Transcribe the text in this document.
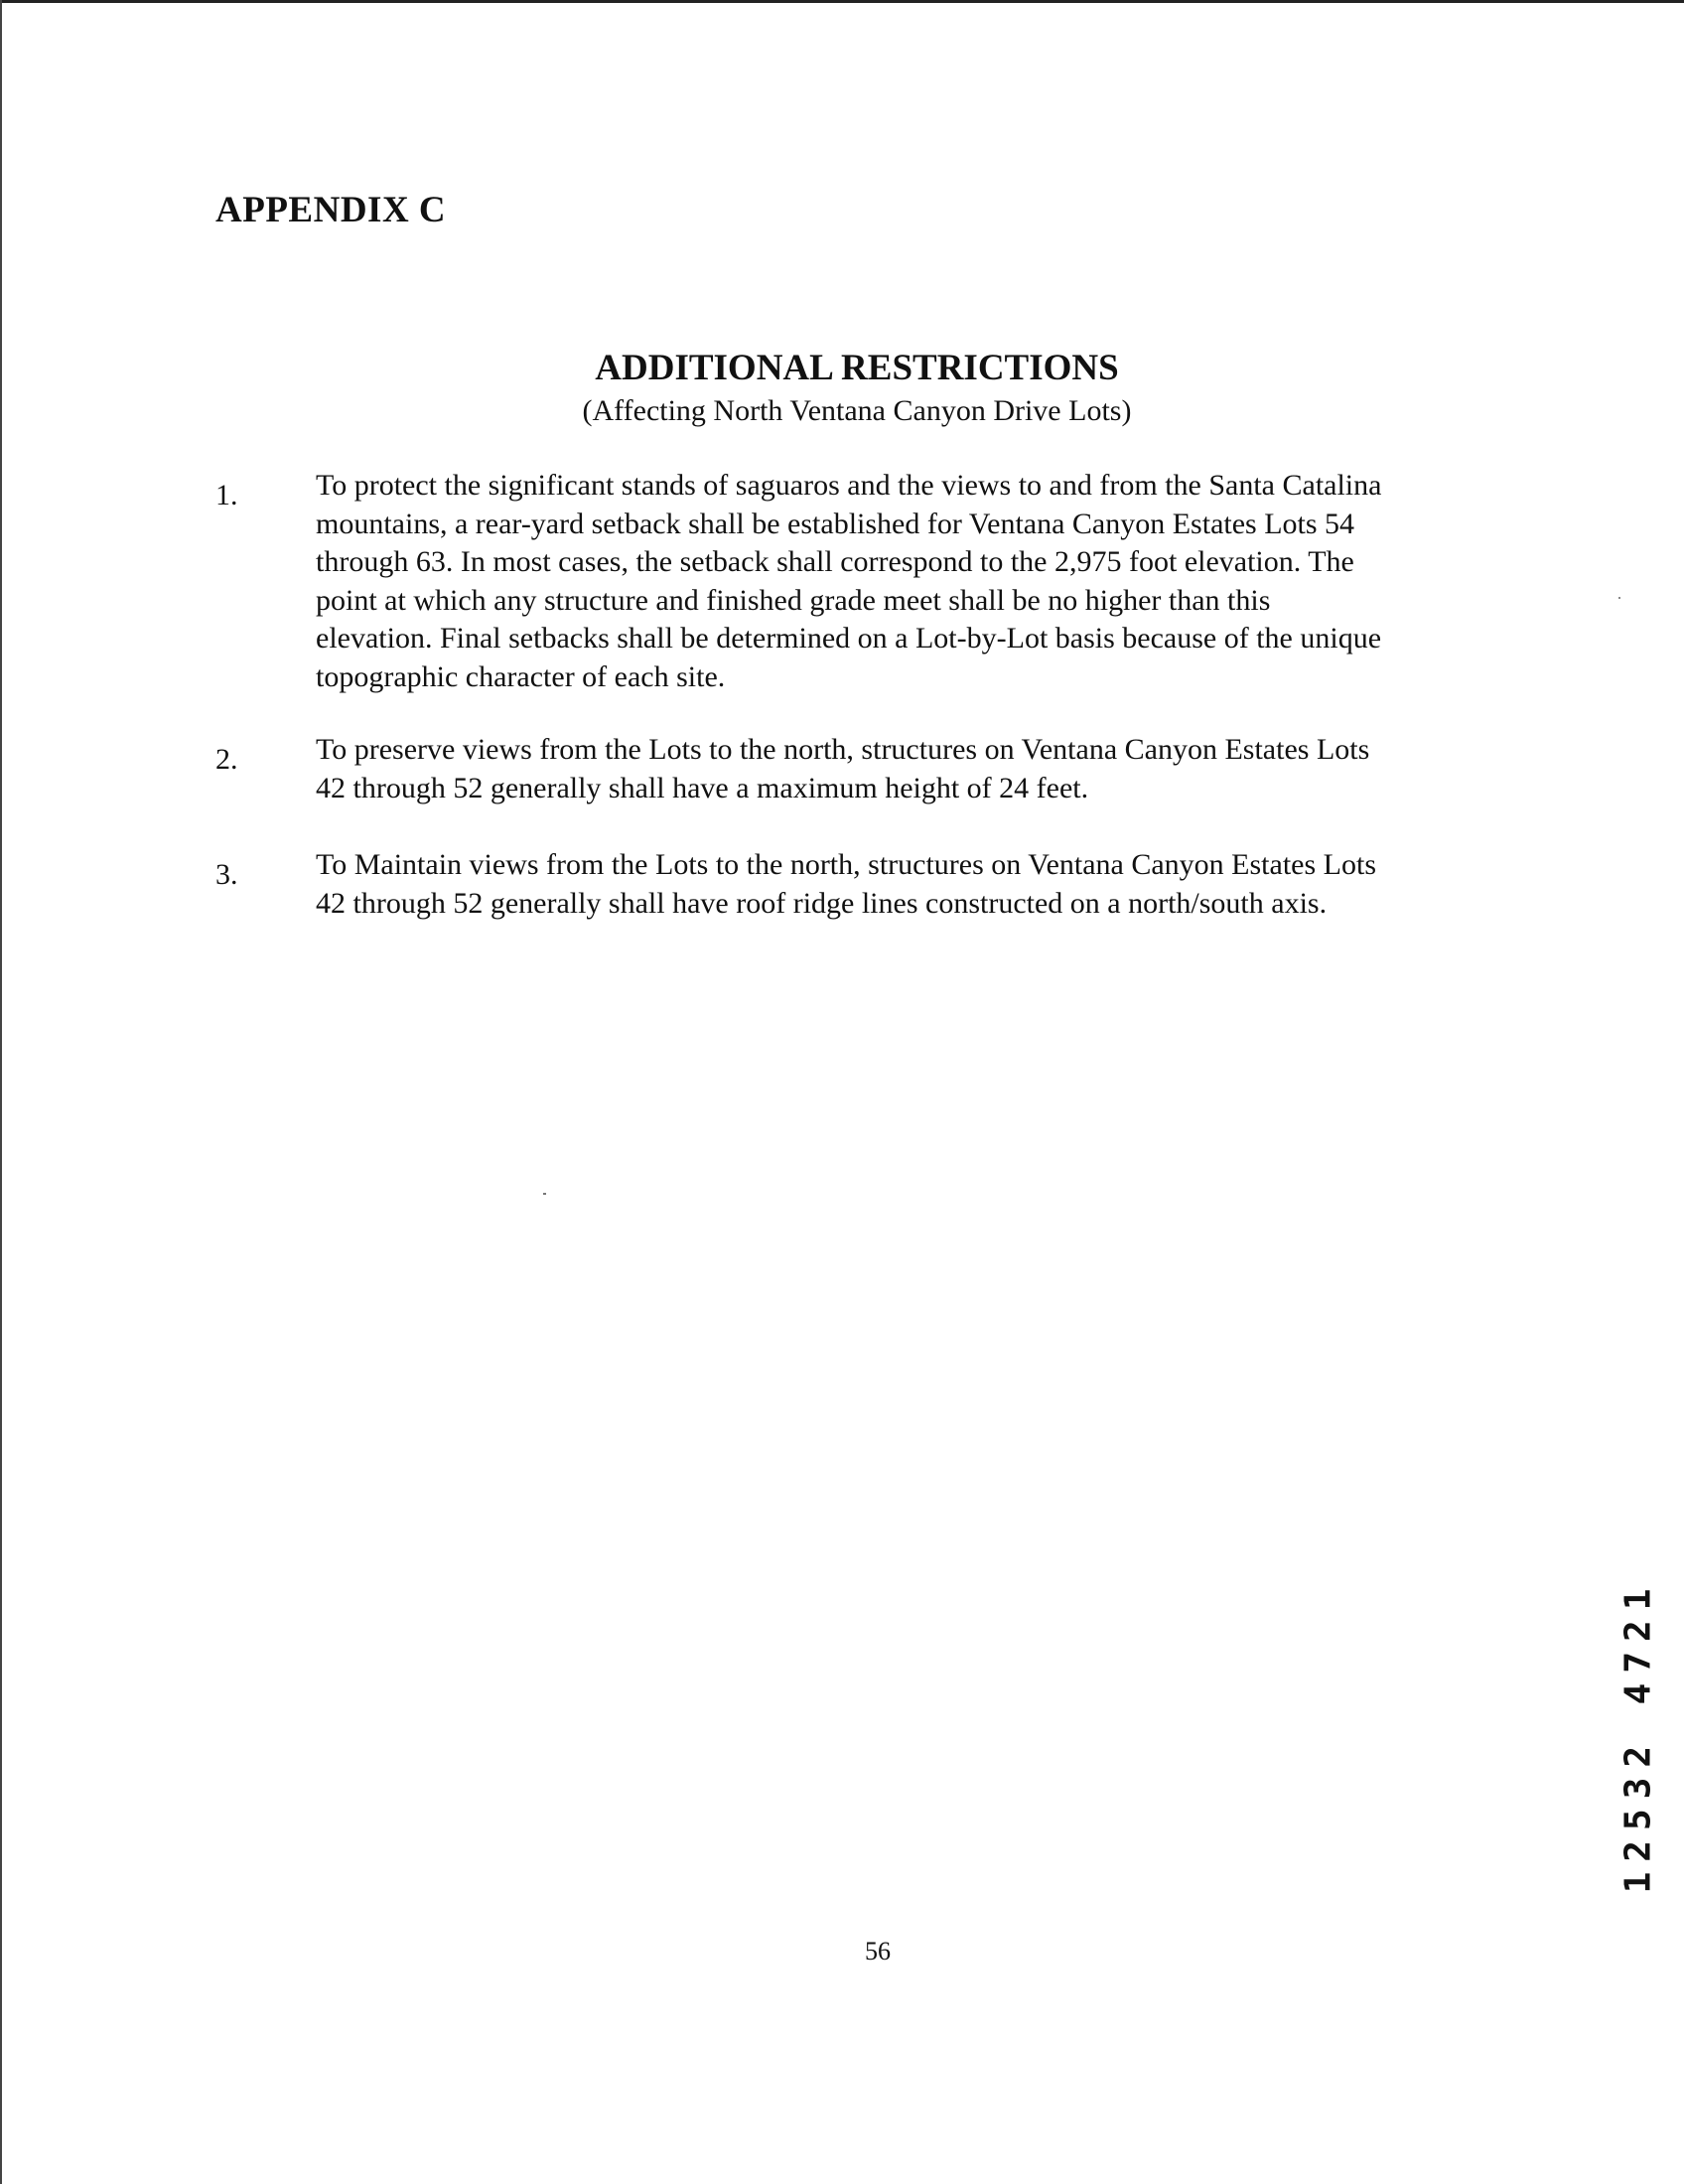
APPENDIX C
ADDITIONAL RESTRICTIONS
(Affecting North Ventana Canyon Drive Lots)
1.	To protect the significant stands of saguaros and the views to and from the Santa Catalina
mountains, a rear-yard setback shall be established for Ventana Canyon Estates Lots 54
through 63. In most cases, the setback shall correspond to the 2,975 foot elevation. The
point at which any structure and finished grade meet shall be no higher than this
elevation. Final setbacks shall be determined on a Lot-by-Lot basis because of the unique
topographic character of each site.
2.	To preserve views from the Lots to the north, structures on Ventana Canyon Estates Lots
42 through 52 generally shall have a maximum height of 24 feet.
3.	To Maintain views from the Lots to the north, structures on Ventana Canyon Estates Lots
42 through 52 generally shall have roof ridge lines constructed on a north/south axis.
56
12532 4721
